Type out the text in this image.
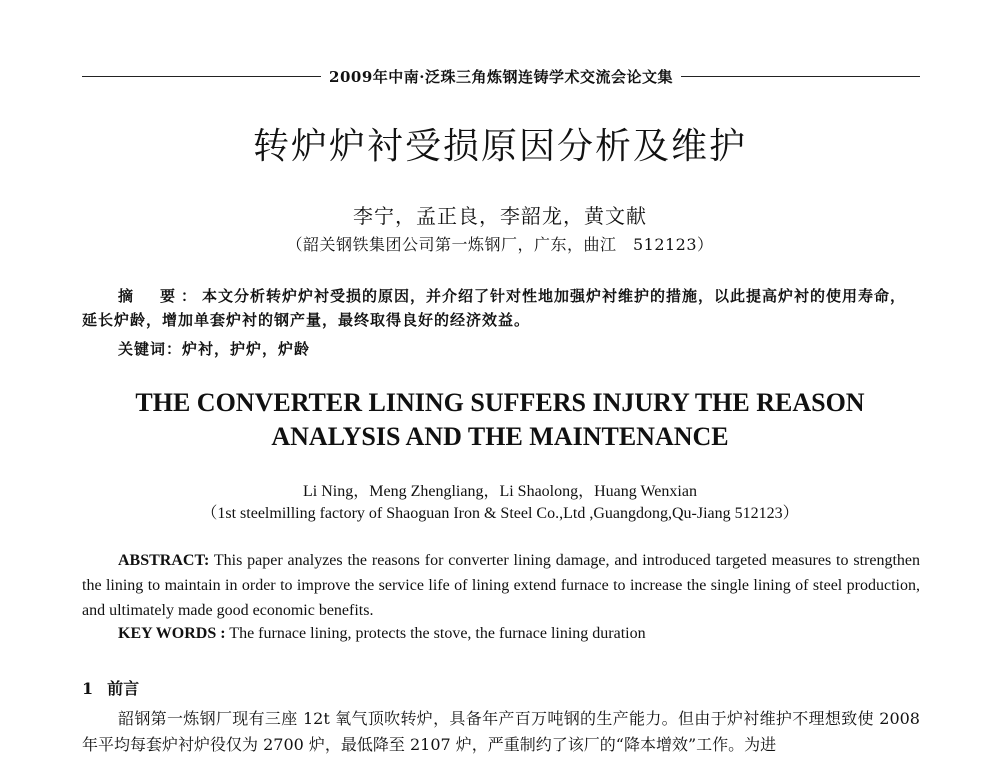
2009年中南·泛珠三角炼钢连铸学术交流会论文集
转炉炉衬受损原因分析及维护
李宁，孟正良，李韶龙，黄文献
（韶关钢铁集团公司第一炼钢厂，广东，曲江　512123）
摘　要：本文分析转炉炉衬受损的原因，并介绍了针对性地加强炉衬维护的措施，以此提高炉衬的使用寿命，延长炉龄，增加单套炉衬的钢产量，最终取得良好的经济效益。
关键词：炉衬，护炉，炉龄
THE CONVERTER LINING SUFFERS INJURY THE REASON
ANALYSIS AND THE MAINTENANCE
Li Ning，Meng Zhengliang，Li Shaolong，Huang Wenxian
（1st steelmilling factory of Shaoguan Iron & Steel Co.,Ltd ,Guangdong,Qu-Jiang 512123）
ABSTRACT: This paper analyzes the reasons for converter lining damage, and introduced targeted measures to strengthen the lining to maintain in order to improve the service life of lining extend furnace to increase the single lining of steel production, and ultimately made good economic benefits.
KEY WORDS : The furnace lining, protects the stove, the furnace lining duration
1 前言
韶钢第一炼钢厂现有三座 12t 氧气顶吹转炉，具备年产百万吨钢的生产能力。但由于炉衬维护不理想致使 2008 年平均每套炉衬炉役仅为 2700 炉，最低降至 2107 炉，严重制约了该厂的“降本增效”工作。为进
